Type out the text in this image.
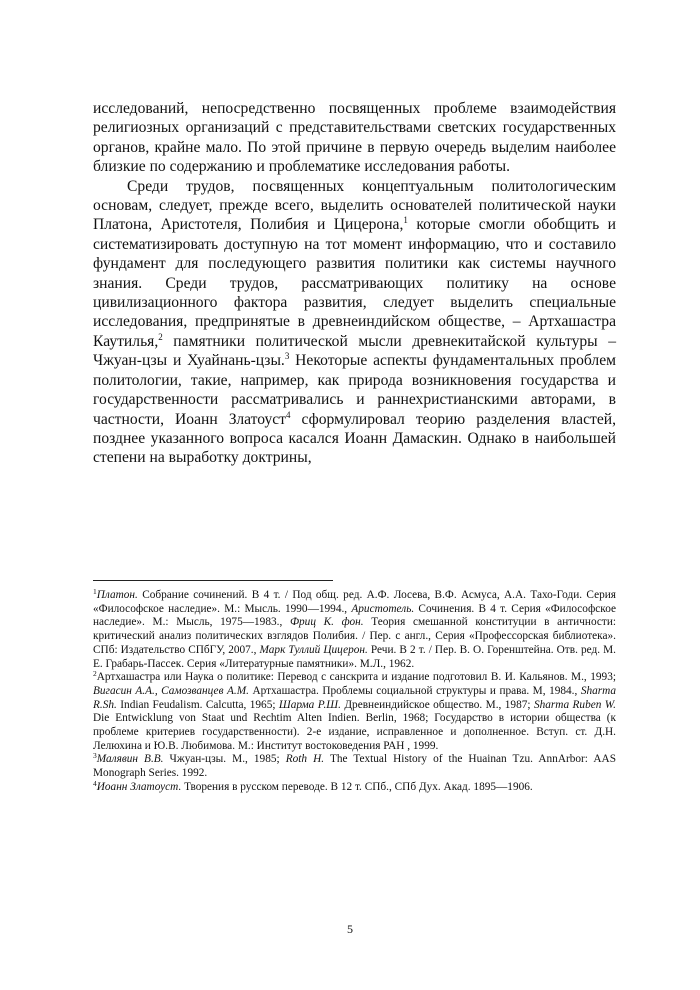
исследований, непосредственно посвященных проблеме взаимодействия религиозных организаций с представительствами светских государственных органов, крайне мало. По этой причине в первую очередь выделим наиболее близкие по содержанию и проблематике исследования работы.

Среди трудов, посвященных концептуальным политологическим основам, следует, прежде всего, выделить основателей политической науки Платона, Аристотеля, Полибия и Цицерона,$^1$ которые смогли обобщить и систематизировать доступную на тот момент информацию, что и составило фундамент для последующего развития политики как системы научного знания. Среди трудов, рассматривающих политику на основе цивилизационного фактора развития, следует выделить специальные исследования, предпринятые в древнеиндийском обществе, – Артхашастра Каутилья,$^2$ памятники политической мысли древнекитайской культуры – Чжуан-цзы и Хуайнань-цзы.$^3$ Некоторые аспекты фундаментальных проблем политологии, такие, например, как природа возникновения государства и государственности рассматривались и раннехристианскими авторами, в частности, Иоанн Златоуст$^4$ сформулировал теорию разделения властей, позднее указанного вопроса касался Иоанн Дамаскин. Однако в наибольшей степени на выработку доктрины,

$^1$Платон. Собрание сочинений. В 4 т. / Под общ. ред. А.Ф. Лосева, В.Ф. Асмуса, А.А. Тахо-Годи. Серия «Философское наследие». М.: Мысль. 1990—1994., Аристотель. Сочинения. В 4 т. Серия «Философское наследие». М.: Мысль, 1975—1983., Фриц К. фон. Теория смешанной конституции в античности: критический анализ политических взглядов Полибия. / Пер. с англ., Серия «Профессорская библиотека». СПб: Издательство СПбГУ, 2007., Марк Туллий Цицерон. Речи. В 2 т. / Пер. В. О. Горенштейна. Отв. ред. М. Е. Грабарь-Пассек. Серия «Литературные памятники». М.Л., 1962.

$^2$Артхашастра или Наука о политике: Перевод с санскрита и издание подготовил В. И. Кальянов. М., 1993; Вигасин А.А., Самозванцев А.М. Артхашастра. Проблемы социальной структуры и права. М, 1984., Sharma R.Sh. Indian Feudalism. Calcutta, 1965; Шарма Р.Ш. Древнеиндийское общество. М., 1987; Sharma Ruben W. Die Entwicklung von Staat und Rechtim Alten Indien. Berlin, 1968; Государство в истории общества (к проблеме критериев государственности). 2-е издание, исправленное и дополненное. Вступ. ст. Д.Н. Лелюхина и Ю.В. Любимова. М.: Институт востоковедения РАН , 1999.

$^3$Малявин В.В. Чжуан-цзы. М., 1985; Roth H. The Textual History of the Huainan Tzu. AnnArbor: AAS Monograph Series. 1992.

$^4$Иоанн Златоуст. Творения в русском переводе. В 12 т. СПб., СПб Дух. Акад. 1895—1906.

5
